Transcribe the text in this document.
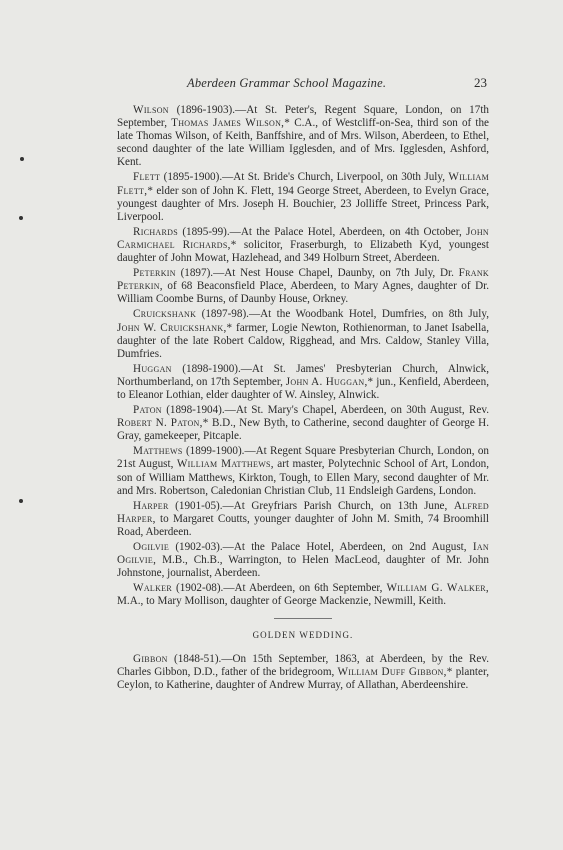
Aberdeen Grammar School Magazine.	23

Wilson (1896-1903).—At St. Peter's, Regent Square, London, on 17th September, Thomas James Wilson,* C.A., of Westcliff-on-Sea, third son of the late Thomas Wilson, of Keith, Banffshire, and of Mrs. Wilson, Aberdeen, to Ethel, second daughter of the late William Igglesden, and of Mrs. Igglesden, Ashford, Kent.

Flett (1895-1900).—At St. Bride's Church, Liverpool, on 30th July, William Flett,* elder son of John K. Flett, 194 George Street, Aberdeen, to Evelyn Grace, youngest daughter of Mrs. Joseph H. Bouchier, 23 Jolliffe Street, Princess Park, Liverpool.

Richards (1895-99).—At the Palace Hotel, Aberdeen, on 4th October, John Carmichael Richards,* solicitor, Fraserburgh, to Elizabeth Kyd, youngest daughter of John Mowat, Hazlehead, and 349 Holburn Street, Aberdeen.

Peterkin (1897).—At Nest House Chapel, Daunby, on 7th July, Dr. Frank Peterkin, of 68 Beaconsfield Place, Aberdeen, to Mary Agnes, daughter of Dr. William Coombe Burns, of Daunby House, Orkney.

Cruickshank (1897-98).—At the Woodbank Hotel, Dumfries, on 8th July, John W. Cruickshank,* farmer, Logie Newton, Rothienorman, to Janet Isabella, daughter of the late Robert Caldow, Rigghead, and Mrs. Caldow, Stanley Villa, Dumfries.

Huggan (1898-1900).—At St. James' Presbyterian Church, Alnwick, Northumberland, on 17th September, John A. Huggan,* jun., Kenfield, Aberdeen, to Eleanor Lothian, elder daughter of W. Ainsley, Alnwick.

Paton (1898-1904).—At St. Mary's Chapel, Aberdeen, on 30th August, Rev. Robert N. Paton,* B.D., New Byth, to Catherine, second daughter of George H. Gray, gamekeeper, Pitcaple.

Matthews (1899-1900).—At Regent Square Presbyterian Church, London, on 21st August, William Matthews, art master, Polytechnic School of Art, London, son of William Matthews, Kirkton, Tough, to Ellen Mary, second daughter of Mr. and Mrs. Robertson, Caledonian Christian Club, 11 Endsleigh Gardens, London.

Harper (1901-05).—At Greyfriars Parish Church, on 13th June, Alfred Harper, to Margaret Coutts, younger daughter of John M. Smith, 74 Broomhill Road, Aberdeen.

Ogilvie (1902-03).—At the Palace Hotel, Aberdeen, on 2nd August, Ian Ogilvie, M.B., Ch.B., Warrington, to Helen MacLeod, daughter of Mr. John Johnstone, journalist, Aberdeen.

Walker (1902-08).—At Aberdeen, on 6th September, William G. Walker, M.A., to Mary Mollison, daughter of George Mackenzie, Newmill, Keith.

GOLDEN WEDDING.

Gibbon (1848-51).—On 15th September, 1863, at Aberdeen, by the Rev. Charles Gibbon, D.D., father of the bridegroom, William Duff Gibbon,* planter, Ceylon, to Katherine, daughter of Andrew Murray, of Allathan, Aberdeenshire.
